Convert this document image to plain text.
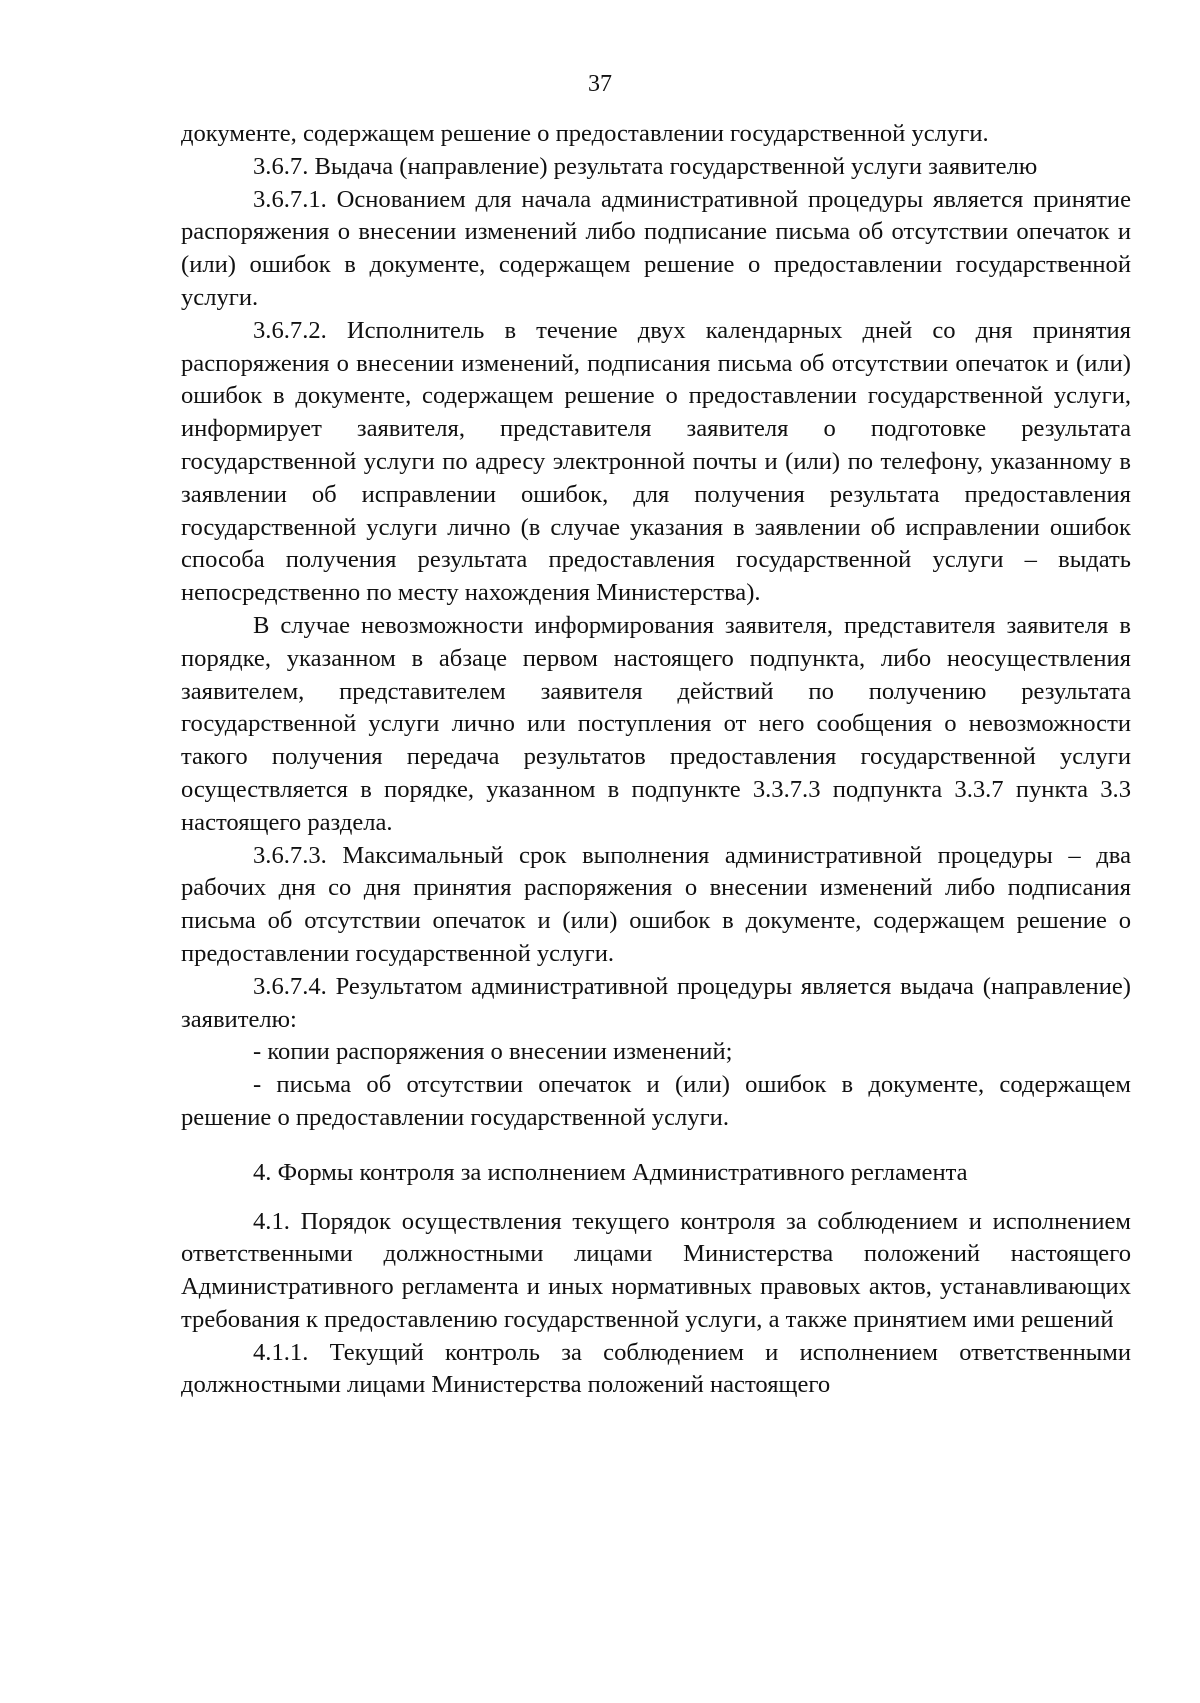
37

документе, содержащем решение о предоставлении государственной услуги.

3.6.7. Выдача (направление) результата государственной услуги заявителю

3.6.7.1. Основанием для начала административной процедуры является принятие распоряжения о внесении изменений либо подписание письма об отсутствии опечаток и (или) ошибок в документе, содержащем решение о предоставлении государственной услуги.

3.6.7.2. Исполнитель в течение двух календарных дней со дня принятия распоряжения о внесении изменений, подписания письма об отсутствии опечаток и (или) ошибок в документе, содержащем решение о предоставлении государственной услуги, информирует заявителя, представителя заявителя о подготовке результата государственной услуги по адресу электронной почты и (или) по телефону, указанному в заявлении об исправлении ошибок, для получения результата предоставления государственной услуги лично (в случае указания в заявлении об исправлении ошибок способа получения результата предоставления государственной услуги – выдать непосредственно по месту нахождения Министерства).

В случае невозможности информирования заявителя, представителя заявителя в порядке, указанном в абзаце первом настоящего подпункта, либо неосуществления заявителем, представителем заявителя действий по получению результата государственной услуги лично или поступления от него сообщения о невозможности такого получения передача результатов предоставления государственной услуги осуществляется в порядке, указанном в подпункте 3.3.7.3 подпункта 3.3.7 пункта 3.3 настоящего раздела.

3.6.7.3. Максимальный срок выполнения административной процедуры – два рабочих дня со дня принятия распоряжения о внесении изменений либо подписания письма об отсутствии опечаток и (или) ошибок в документе, содержащем решение о предоставлении государственной услуги.

3.6.7.4. Результатом административной процедуры является выдача (направление) заявителю:

- копии распоряжения о внесении изменений;

- письма об отсутствии опечаток и (или) ошибок в документе, содержащем решение о предоставлении государственной услуги.

4. Формы контроля за исполнением Административного регламента

4.1. Порядок осуществления текущего контроля за соблюдением и исполнением ответственными должностными лицами Министерства положений настоящего Административного регламента и иных нормативных правовых актов, устанавливающих требования к предоставлению государственной услуги, а также принятием ими решений

4.1.1. Текущий контроль за соблюдением и исполнением ответственными должностными лицами Министерства положений настоящего
